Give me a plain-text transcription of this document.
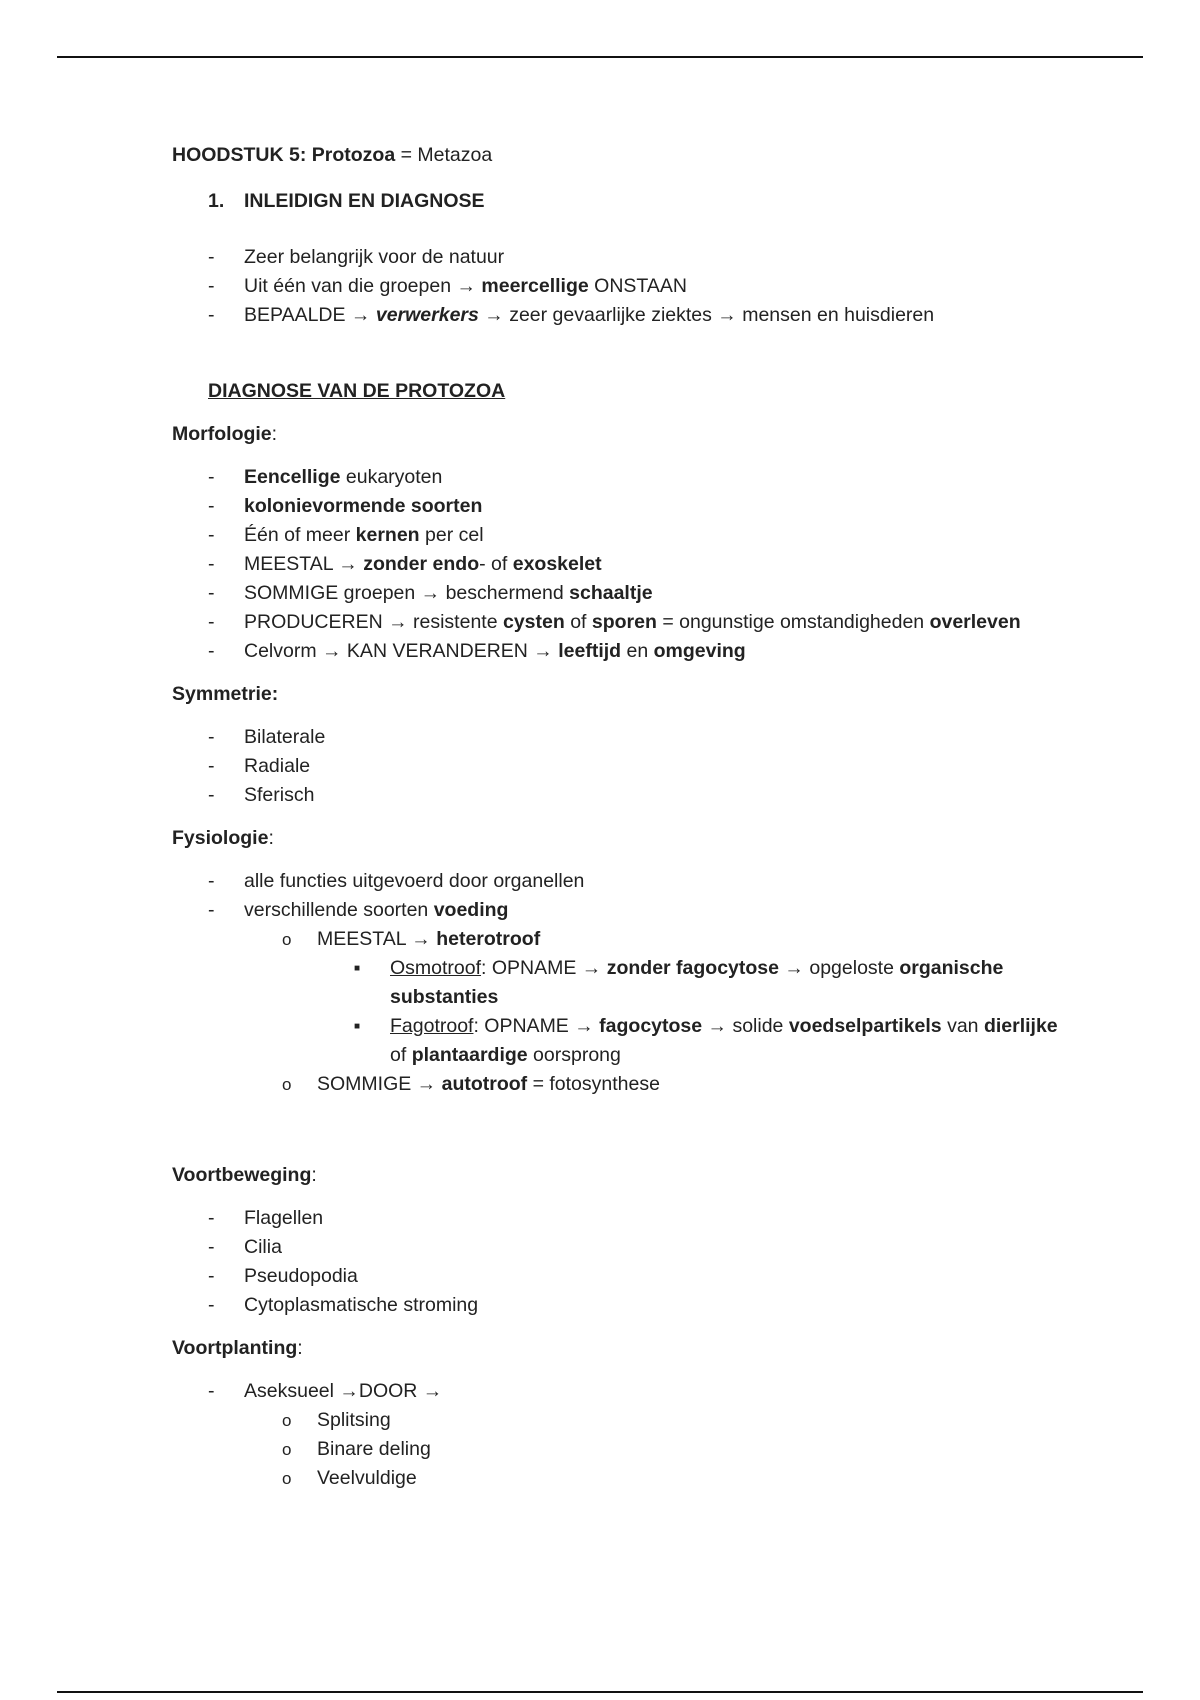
HOODSTUK 5: Protozoa = Metazoa
1. INLEIDIGN EN DIAGNOSE
- Zeer belangrijk voor de natuur
- Uit één van die groepen → meercellige ONSTAAN
- BEPAALDE → verwerkers → zeer gevaarlijke ziektes → mensen en huisdieren
DIAGNOSE VAN DE PROTOZOA
Morfologie:
- Eencellige eukaryoten
- kolonievormende soorten
- Één of meer kernen per cel
- MEESTAL → zonder endo- of exoskelet
- SOMMIGE groepen → beschermend schaaltje
- PRODUCEREN → resistente cysten of sporen = ongunstige omstandigheden overleven
- Celvorm → KAN VERANDEREN → leeftijd en omgeving
Symmetrie:
- Bilaterale
- Radiale
- Sferisch
Fysiologie:
- alle functies uitgevoerd door organellen
- verschillende soorten voeding
o MEESTAL → heterotroof
■ Osmotroof: OPNAME → zonder fagocytose → opgeloste organische substanties
■ Fagotroof: OPNAME → fagocytose → solide voedselpartikels van dierlijke of plantaardige oorsprong
o SOMMIGE → autotroof = fotosynthese
Voortbeweging:
- Flagellen
- Cilia
- Pseudopodia
- Cytoplasmatische stroming
Voortplanting:
- Aseksueel →DOOR →
o Splitsing
o Binare deling
o Veelvuldige
